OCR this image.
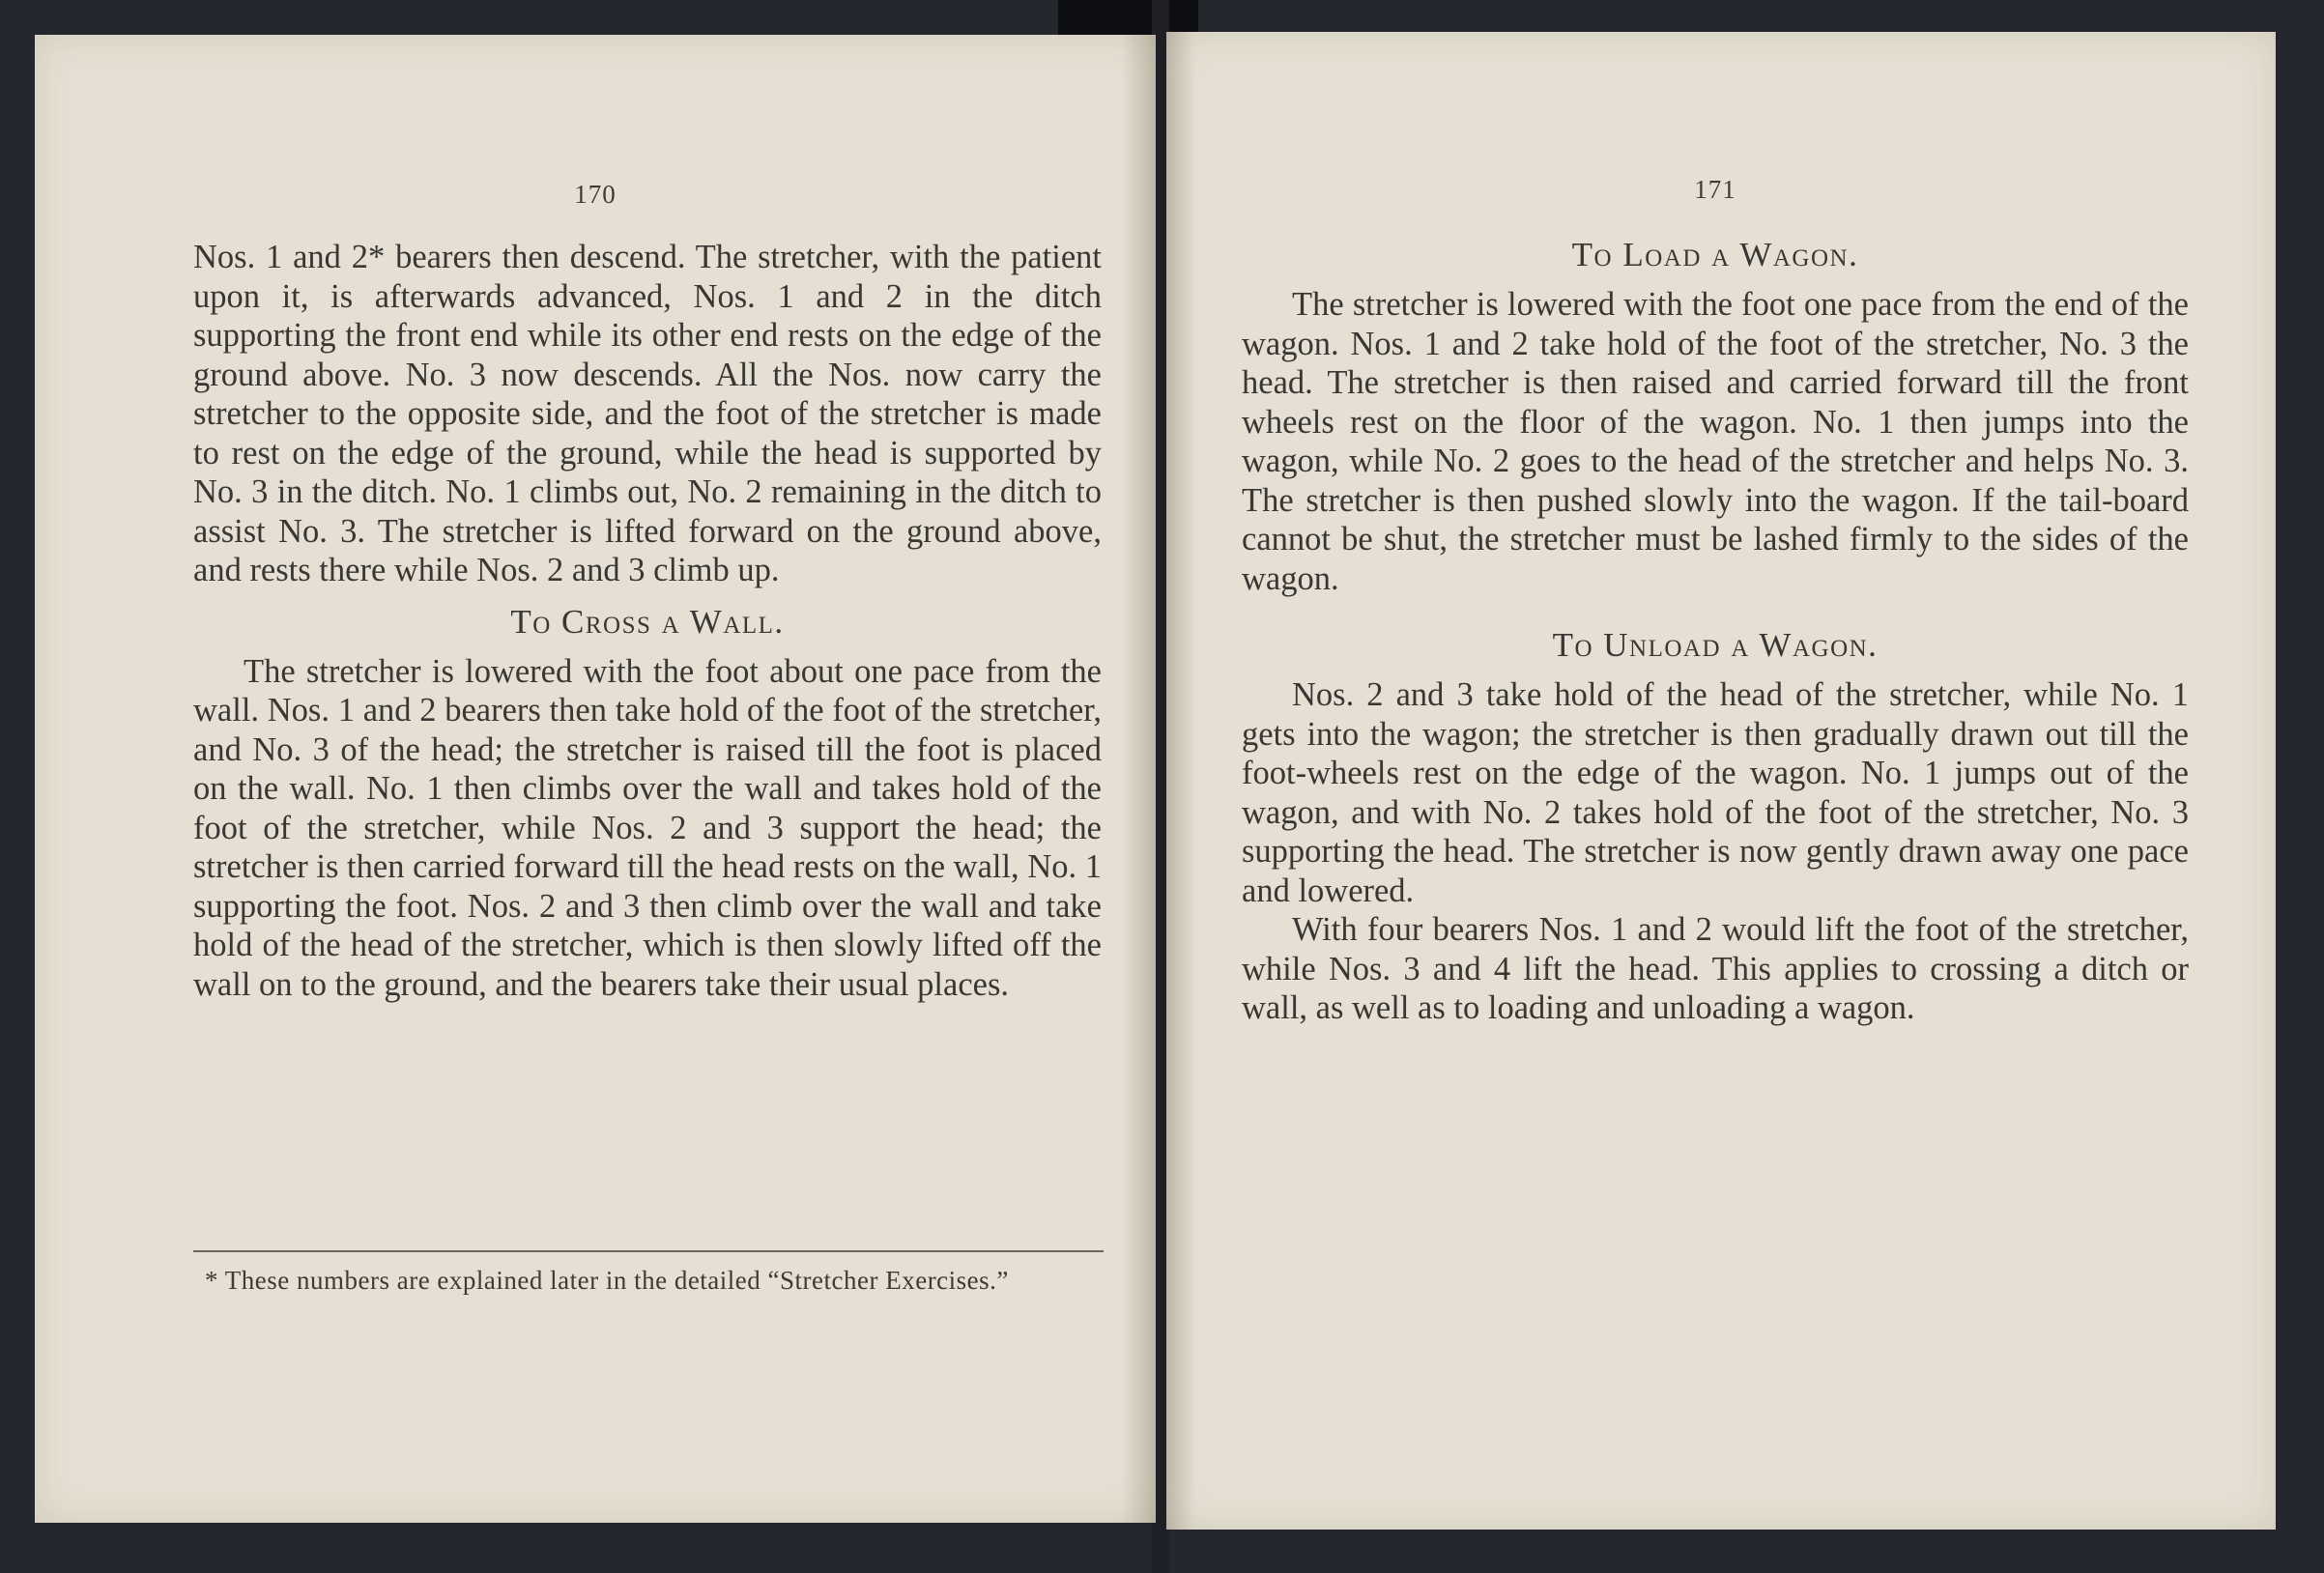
170

Nos. 1 and 2* bearers then descend. The stretcher, with the patient upon it, is afterwards advanced, Nos. 1 and 2 in the ditch supporting the front end while its other end rests on the edge of the ground above. No. 3 now descends. All the Nos. now carry the stretcher to the opposite side, and the foot of the stretcher is made to rest on the edge of the ground, while the head is supported by No. 3 in the ditch. No. 1 climbs out, No. 2 remaining in the ditch to assist No. 3. The stretcher is lifted forward on the ground above, and rests there while Nos. 2 and 3 climb up.

To Cross a Wall.

The stretcher is lowered with the foot about one pace from the wall. Nos. 1 and 2 bearers then take hold of the foot of the stretcher, and No. 3 of the head; the stretcher is raised till the foot is placed on the wall. No. 1 then climbs over the wall and takes hold of the foot of the stretcher, while Nos. 2 and 3 support the head; the stretcher is then carried forward till the head rests on the wall, No. 1 supporting the foot. Nos. 2 and 3 then climb over the wall and take hold of the head of the stretcher, which is then slowly lifted off the wall on to the ground, and the bearers take their usual places.

* These numbers are explained later in the detailed “Stretcher Exercises.”
171
To Load a Wagon.

The stretcher is lowered with the foot one pace from the end of the wagon. Nos. 1 and 2 take hold of the foot of the stretcher, No. 3 the head. The stretcher is then raised and carried forward till the front wheels rest on the floor of the wagon. No. 1 then jumps into the wagon, while No. 2 goes to the head of the stretcher and helps No. 3. The stretcher is then pushed slowly into the wagon. If the tail-board cannot be shut, the stretcher must be lashed firmly to the sides of the wagon.

To Unload a Wagon.

Nos. 2 and 3 take hold of the head of the stretcher, while No. 1 gets into the wagon; the stretcher is then gradually drawn out till the foot-wheels rest on the edge of the wagon. No. 1 jumps out of the wagon, and with No. 2 takes hold of the foot of the stretcher, No. 3 supporting the head. The stretcher is now gently drawn away one pace and lowered.

With four bearers Nos. 1 and 2 would lift the foot of the stretcher, while Nos. 3 and 4 lift the head. This applies to crossing a ditch or wall, as well as to loading and unloading a wagon.
